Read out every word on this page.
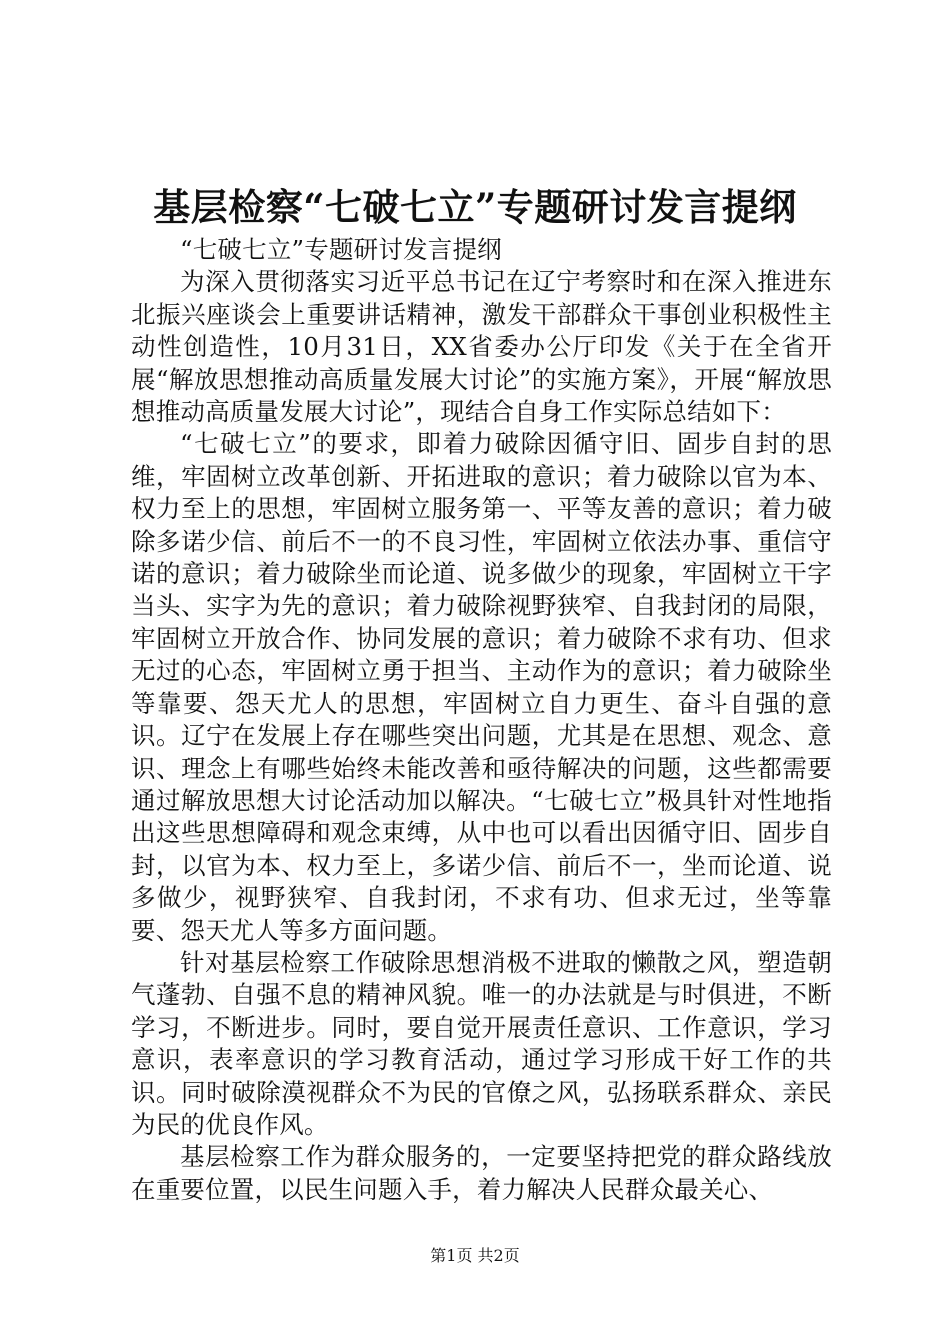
基层检察“七破七立”专题研讨发言提纲

“七破七立”专题研讨发言提纲

为深入贯彻落实习近平总书记在辽宁考察时和在深入推进东北振兴座谈会上重要讲话精神，激发干部群众干事创业积极性主动性创造性，10月31日，XX省委办公厅印发《关于在全省开展“解放思想推动高质量发展大讨论”的实施方案》，开展“解放思想推动高质量发展大讨论”，现结合自身工作实际总结如下：

“七破七立”的要求，即着力破除因循守旧、固步自封的思维，牢固树立改革创新、开拓进取的意识；着力破除以官为本、权力至上的思想，牢固树立服务第一、平等友善的意识；着力破除多诺少信、前后不一的不良习性，牢固树立依法办事、重信守诺的意识；着力破除坐而论道、说多做少的现象，牢固树立干字当头、实字为先的意识；着力破除视野狭窄、自我封闭的局限，牢固树立开放合作、协同发展的意识；着力破除不求有功、但求无过的心态，牢固树立勇于担当、主动作为的意识；着力破除坐等靠要、怨天尤人的思想，牢固树立自力更生、奋斗自强的意识。辽宁在发展上存在哪些突出问题，尤其是在思想、观念、意识、理念上有哪些始终未能改善和亟待解决的问题，这些都需要通过解放思想大讨论活动加以解决。“七破七立”极具针对性地指出这些思想障碍和观念束缚，从中也可以看出因循守旧、固步自封，以官为本、权力至上，多诺少信、前后不一，坐而论道、说多做少，视野狭窄、自我封闭，不求有功、但求无过，坐等靠要、怨天尤人等多方面问题。

针对基层检察工作破除思想消极不进取的懒散之风，塑造朝气蓬勃、自强不息的精神风貌。唯一的办法就是与时俱进，不断学习，不断进步。同时，要自觉开展责任意识、工作意识，学习意识，表率意识的学习教育活动，通过学习形成干好工作的共识。同时破除漠视群众不为民的官僚之风，弘扬联系群众、亲民为民的优良作风。

基层检察工作为群众服务的，一定要坚持把党的群众路线放在重要位置，以民生问题入手，着力解决人民群众最关心、

第1页 共2页
